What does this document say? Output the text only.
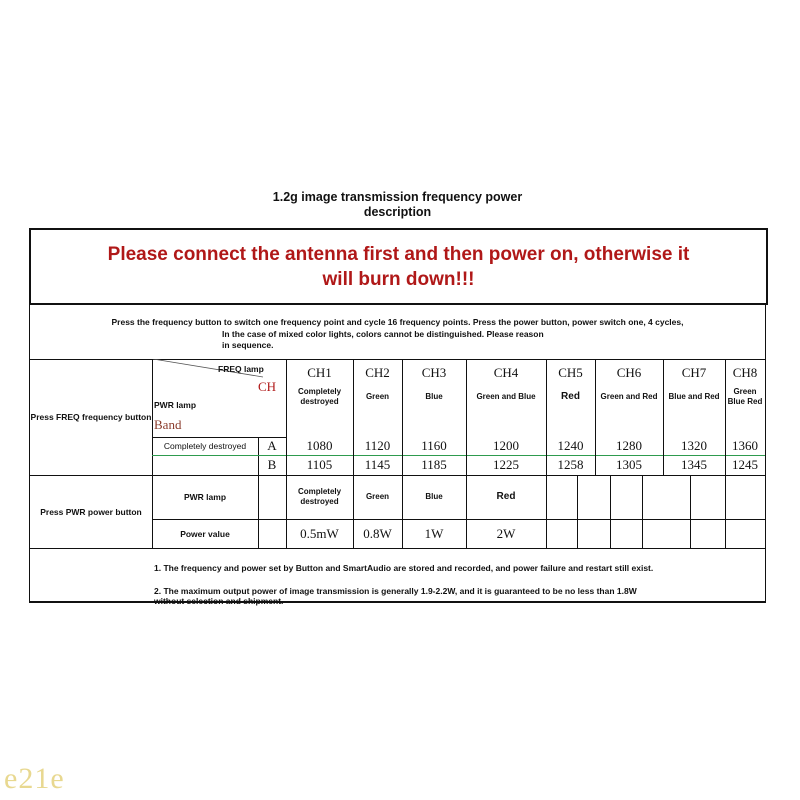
1.2g image transmission frequency power
description
Please connect the antenna first and then power on, otherwise it
will burn down!!!
Press the frequency button to switch one frequency point and cycle 16 frequency points. Press the power button, power switch one, 4 cycles,
In the case of mixed color lights, colors cannot be distinguished. Please reason
in sequence.
Press FREQ frequency button
Press PWR power button
FREQ lamp
CH
PWR lamp
Band
Completely destroyed	A
B
PWR lamp
Power value
1. The frequency and power set by Button and SmartAudio are stored and recorded, and power failure and restart still exist.
2. The maximum output power of image transmission is generally 1.9-2.2W, and it is guaranteed to be no less than 1.8W
without selection and shipment.
CH1
Completely destroyed
1080
1105
CH2
Green
1120
1145
CH3
Blue
1160
1185
CH4
Green and Blue
1200
1225
CH5
Red
1240
1258
CH6
Green and Red
1280
1305
CH7
Blue and Red
1320
1345
CH8
Green Blue Red
1360
1245
Completely destroyed
0.5mW
Green
0.8W
Blue
1W
Red
2W
e21e
